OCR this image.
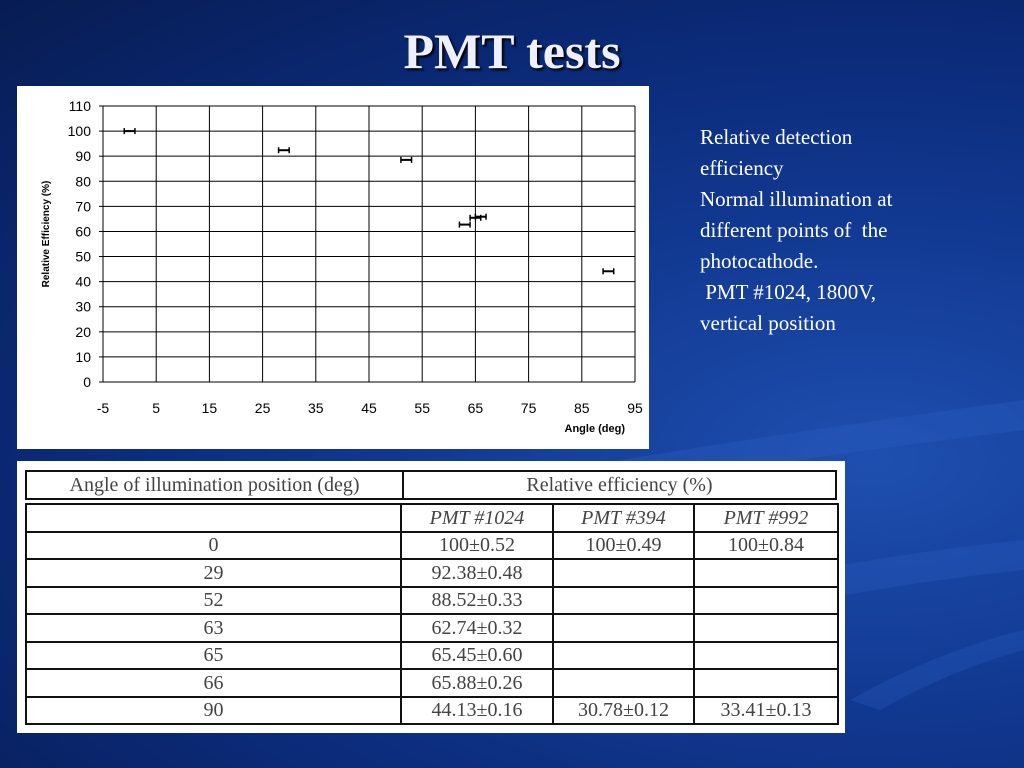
PMT tests
0
10
20
30
40
50
60
70
80
90
100
110
-5	5	15	25	35	45	55	65	75	85	95
Angle (deg)
Relative Efficiency (%)
Relative detection
efficiency
Normal illumination at
different points of  the
photocathode.
PMT #1024, 1800V,
vertical position
Angle of illumination position (deg)	Relative efficiency (%)
	PMT #1024	PMT #394	PMT #992
0	100±0.52	100±0.49	100±0.84
29	92.38±0.48		
52	88.52±0.33		
63	62.74±0.32		
65	65.45±0.60		
66	65.88±0.26		
90	44.13±0.16	30.78±0.12	33.41±0.13
